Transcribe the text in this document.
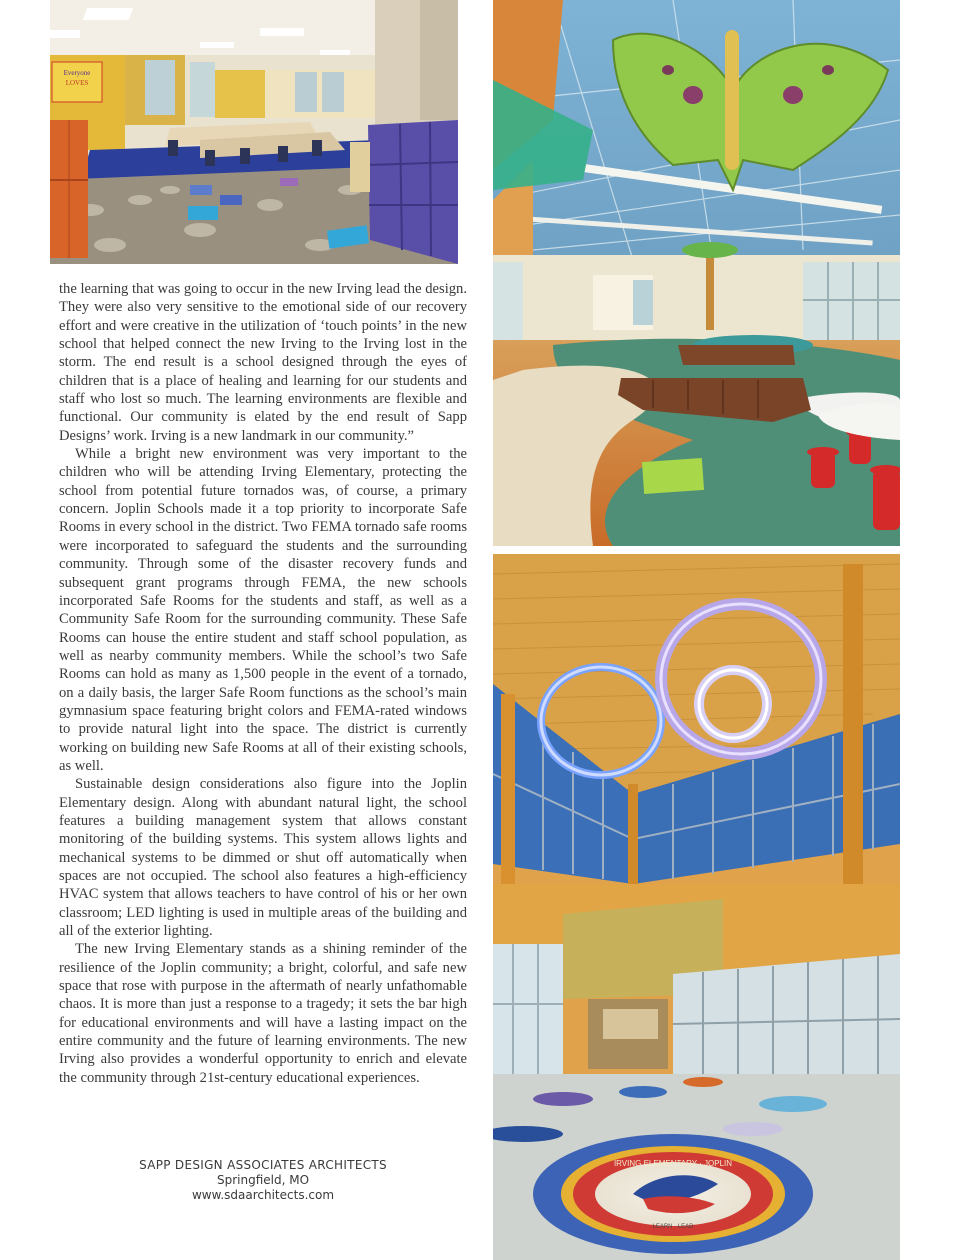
Everyone
LOVES
IRVING ELEMENTARY · JOPLIN
LEARN · LEAD

the learning that was going to occur in the new Irving lead the design. They were also very sensitive to the emotional side of our recovery effort and were creative in the utilization of ‘touch points’ in the new school that helped connect the new Irving to the Irving lost in the storm. The end result is a school designed through the eyes of children that is a place of healing and learning for our students and staff who lost so much. The learning environments are flexible and functional. Our community is elated by the end result of Sapp Designs’ work. Irving is a new landmark in our community.”

While a bright new environment was very important to the children who will be attending Irving Elementary, protecting the school from potential future tornados was, of course, a primary concern. Joplin Schools made it a top priority to incorporate Safe Rooms in every school in the district. Two FEMA tornado safe rooms were incorporated to safeguard the students and the surrounding community. Through some of the disaster recovery funds and subsequent grant programs through FEMA, the new schools incorporated Safe Rooms for the students and staff, as well as a Community Safe Room for the surrounding community. These Safe Rooms can house the entire student and staff school population, as well as nearby community members. While the school’s two Safe Rooms can hold as many as 1,500 people in the event of a tornado, on a daily basis, the larger Safe Room functions as the school’s main gymnasium space featuring bright colors and FEMA-rated windows to provide natural light into the space. The district is currently working on building new Safe Rooms at all of their existing schools, as well.

Sustainable design considerations also figure into the Joplin Elementary design. Along with abundant natural light, the school features a building management system that allows constant monitoring of the building systems. This system allows lights and mechanical systems to be dimmed or shut off automatically when spaces are not occupied. The school also features a high-efficiency HVAC system that allows teachers to have control of his or her own classroom; LED lighting is used in multiple areas of the building and all of the exterior lighting.

The new Irving Elementary stands as a shining reminder of the resilience of the Joplin community; a bright, colorful, and safe new space that rose with purpose in the aftermath of nearly unfathomable chaos. It is more than just a response to a tragedy; it sets the bar high for educational environments and will have a lasting impact on the entire community and the future of learning environments. The new Irving also provides a wonderful opportunity to enrich and elevate the community through 21st-century educational experiences.

SAPP DESIGN ASSOCIATES ARCHITECTS
Springfield, MO
www.sdaarchitects.com
